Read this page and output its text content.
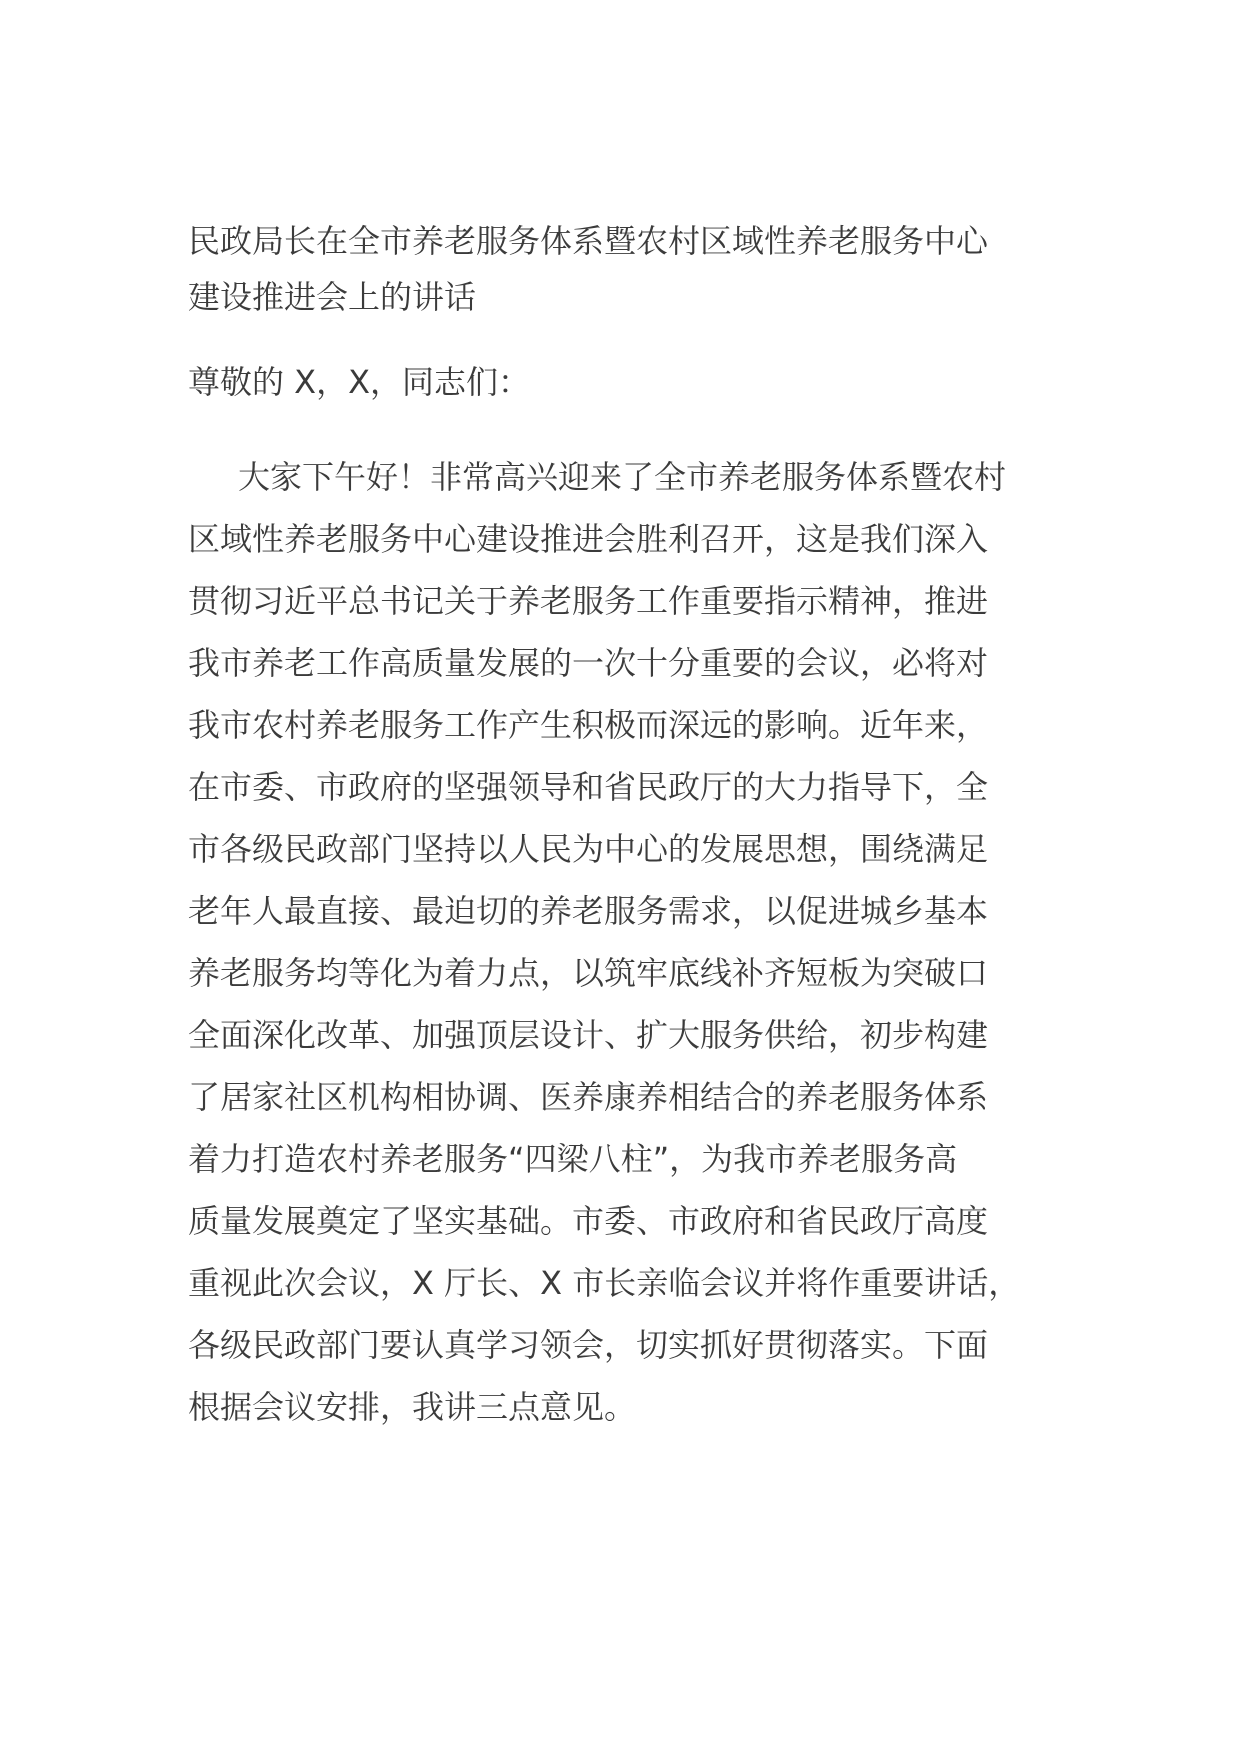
民政局长在全市养老服务体系暨农村区域性养老服务中心
建设推进会上的讲话
尊敬的 X，X，同志们：
大家下午好！非常高兴迎来了全市养老服务体系暨农村
区域性养老服务中心建设推进会胜利召开，这是我们深入
贯彻习近平总书记关于养老服务工作重要指示精神，推进
我市养老工作高质量发展的一次十分重要的会议，必将对
我市农村养老服务工作产生积极而深远的影响。近年来，
在市委、市政府的坚强领导和省民政厅的大力指导下，全
市各级民政部门坚持以人民为中心的发展思想，围绕满足
老年人最直接、最迫切的养老服务需求，以促进城乡基本
养老服务均等化为着力点，以筑牢底线补齐短板为突破口
全面深化改革、加强顶层设计、扩大服务供给，初步构建
了居家社区机构相协调、医养康养相结合的养老服务体系
着力打造农村养老服务“四梁八柱”，为我市养老服务高
质量发展奠定了坚实基础。市委、市政府和省民政厅高度
重视此次会议，X 厅长、X 市长亲临会议并将作重要讲话，
各级民政部门要认真学习领会，切实抓好贯彻落实。下面
根据会议安排，我讲三点意见。
